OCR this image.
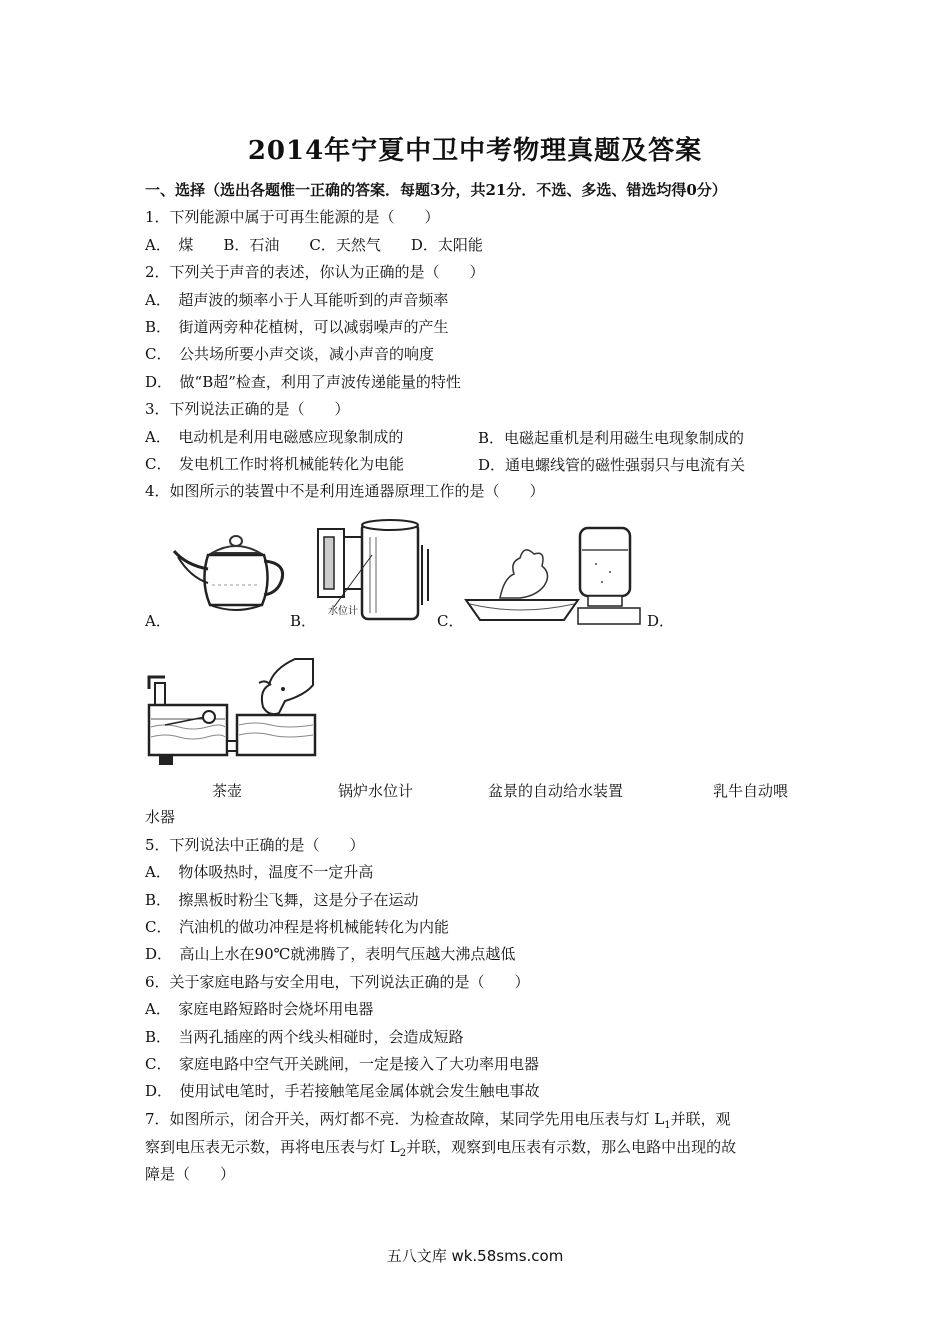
2014年宁夏中卫中考物理真题及答案
一、选择（选出各题惟一正确的答案．每题3分，共21分．不选、多选、错选均得0分）
1．下列能源中属于可再生能源的是（　　）
A．　煤　　B．石油　　C．天然气　　D．太阳能
2．下列关于声音的表述，你认为正确的是（　　）
A．　超声波的频率小于人耳能听到的声音频率
B．　街道两旁种花植树，可以减弱噪声的产生
C．　公共场所要小声交谈，减小声音的响度
D．　做“B超”检查，利用了声波传递能量的特性
3．下列说法正确的是（　　）
A．　电动机是利用电磁感应现象制成的	B．电磁起重机是利用磁生电现象制成的
C．　发电机工作时将机械能转化为电能	D．通电螺线管的磁性强弱只与电流有关
4．如图所示的装置中不是利用连通器原理工作的是（　　）
A．	B．
水位计
C．	D．
茶壶	锅炉水位计	盆景的自动给水装置	乳牛自动喂
水器
5．下列说法中正确的是（　　）
A．　物体吸热时，温度不一定升高
B．　擦黑板时粉尘飞舞，这是分子在运动
C．　汽油机的做功冲程是将机械能转化为内能
D．　高山上水在90℃就沸腾了，表明气压越大沸点越低
6．关于家庭电路与安全用电，下列说法正确的是（　　）
A．　家庭电路短路时会烧坏用电器
B．　当两孔插座的两个线头相碰时，会造成短路
C．　家庭电路中空气开关跳闸，一定是接入了大功率用电器
D．　使用试电笔时，手若接触笔尾金属体就会发生触电事故
7．如图所示，闭合开关，两灯都不亮．为检查故障，某同学先用电压表与灯 $L_1$并联，观
察到电压表无示数，再将电压表与灯 $L_2$并联，观察到电压表有示数，那么电路中出现的故
障是（　　）
五八文库 wk.58sms.com
